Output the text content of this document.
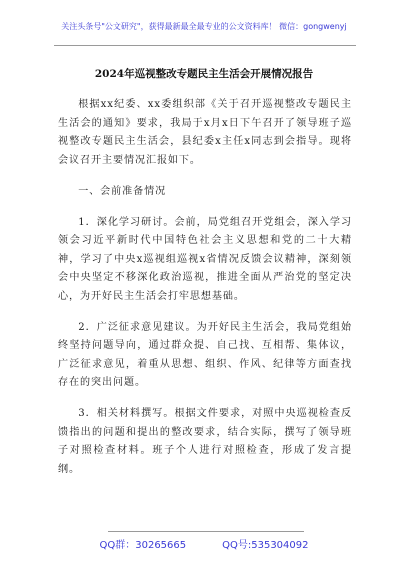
关注头条号"公文研究"，获得最新最全最专业的公文资料库！ 微信：gongwenyj
2024年巡视整改专题民主生活会开展情况报告

根据xx纪委、xx委组织部《关于召开巡视整改专题民主生活会的通知》要求，我局于x月x日下午召开了领导班子巡视整改专题民主生活会，县纪委x主任x同志到会指导。现将会议召开主要情况汇报如下。

一、会前准备情况

1．深化学习研讨。会前，局党组召开党组会，深入学习领会习近平新时代中国特色社会主义思想和党的二十大精神，学习了中央x巡视组巡视x省情况反馈会议精神，深刻领会中央坚定不移深化政治巡视，推进全面从严治党的坚定决心，为开好民主生活会打牢思想基础。

2．广泛征求意见建议。为开好民主生活会，我局党组始终坚持问题导向，通过群众提、自己找、互相帮、集体议，广泛征求意见，着重从思想、组织、作风、纪律等方面查找存在的突出问题。

3．相关材料撰写。根据文件要求，对照中央巡视检查反馈指出的问题和提出的整改要求，结合实际，撰写了领导班子对照检查材料。班子个人进行对照检查，形成了发言提纲。

QQ群：30265665	QQ号:535304092
